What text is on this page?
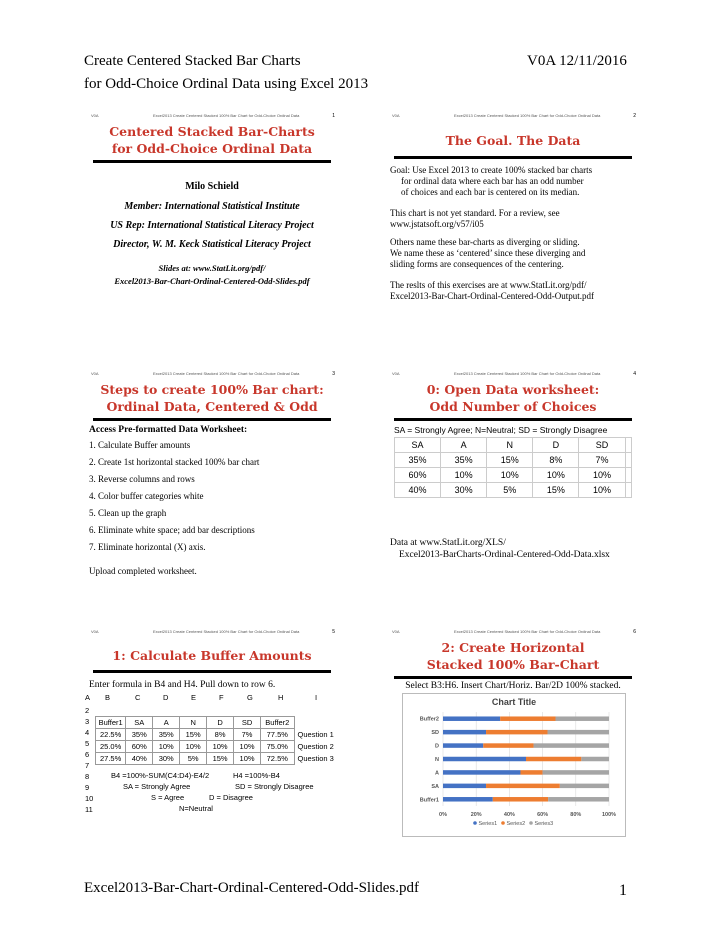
Create Centered Stacked Bar Charts
for Odd-Choice Ordinal Data using Excel 2013
V0A 12/11/2016
V0A	Excel2013 Create Centered Stacked 100% Bar Chart for Odd-Choice Ordinal Data	1
Centered Stacked Bar-Charts
for Odd-Choice Ordinal Data
Milo Schield
Member: International Statistical Institute
US Rep: International Statistical Literacy Project
Director, W. M. Keck Statistical Literacy Project
Slides at: www.StatLit.org/pdf/
Excel2013-Bar-Chart-Ordinal-Centered-Odd-Slides.pdf
V0A	Excel2013 Create Centered Stacked 100% Bar Chart for Odd-Choice Ordinal Data	2
The Goal. The Data
Goal: Use Excel 2013 to create 100% stacked bar charts
for ordinal data where each bar has an odd number
of choices and each bar is centered on its median.
This chart is not yet standard. For a review, see
www.jstatsoft.org/v57/i05
Others name these bar-charts as diverging or sliding.
We name these as ‘centered’ since these diverging and
sliding forms are consequences of the centering.
The reslts of this exercises are at www.StatLit.org/pdf/
Excel2013-Bar-Chart-Ordinal-Centered-Odd-Output.pdf
V0A	Excel2013 Create Centered Stacked 100% Bar Chart for Odd-Choice Ordinal Data	3
Steps to create 100% Bar chart:
Ordinal Data, Centered & Odd
Access Pre-formatted Data Worksheet:
1. Calculate Buffer amounts
2. Create 1st horizontal stacked 100% bar chart
3. Reverse columns and rows
4. Color buffer categories white
5. Clean up the graph
6. Eliminate white space; add bar descriptions
7. Eliminate horizontal (X) axis.
Upload completed worksheet.
V0A	Excel2013 Create Centered Stacked 100% Bar Chart for Odd-Choice Ordinal Data	4
0: Open Data worksheet:
Odd Number of Choices
SA = Strongly Agree; N=Neutral; SD = Strongly Disagree
SA	A	N	D	SD	
35%	35%	15%	8%	7%	
60%	10%	10%	10%	10%	
40%	30%	5%	15%	10%	
Data at www.StatLit.org/XLS/
Excel2013-BarCharts-Ordinal-Centered-Odd-Data.xlsx
V0A	Excel2013 Create Centered Stacked 100% Bar Chart for Odd-Choice Ordinal Data	5
1: Calculate Buffer Amounts
Enter formula in B4 and H4. Pull down to row 6.
A B	C	D	E	F	G	H	I
2
3
4
5
6
7
8
9
10
11
Buffer1	SA	A	N	D	SD	Buffer2	
22.5%	35%	35%	15%	8%	7%	77.5%	Question 1
25.0%	60%	10%	10%	10%	10%	75.0%	Question 2
27.5%	40%	30%	5%	15%	10%	72.5%	Question 3
B4 =100%-SUM(C4:D4)-E4/2	H4 =100%-B4
SA = Strongly Agree	SD = Strongly Disagree
S = Agree	D = Disagree
N=Neutral
V0A	Excel2013 Create Centered Stacked 100% Bar Chart for Odd-Choice Ordinal Data	6
2: Create Horizontal
Stacked 100% Bar-Chart
Select B3:H6. Insert Chart/Horiz. Bar/2D 100% stacked.
Chart Title
0%	20%	40%	60%	80%	100%
Buffer2
SD
D
N
A
SA
Buffer1
Series1 Series2 Series3
Excel2013-Bar-Chart-Ordinal-Centered-Odd-Slides.pdf	1
